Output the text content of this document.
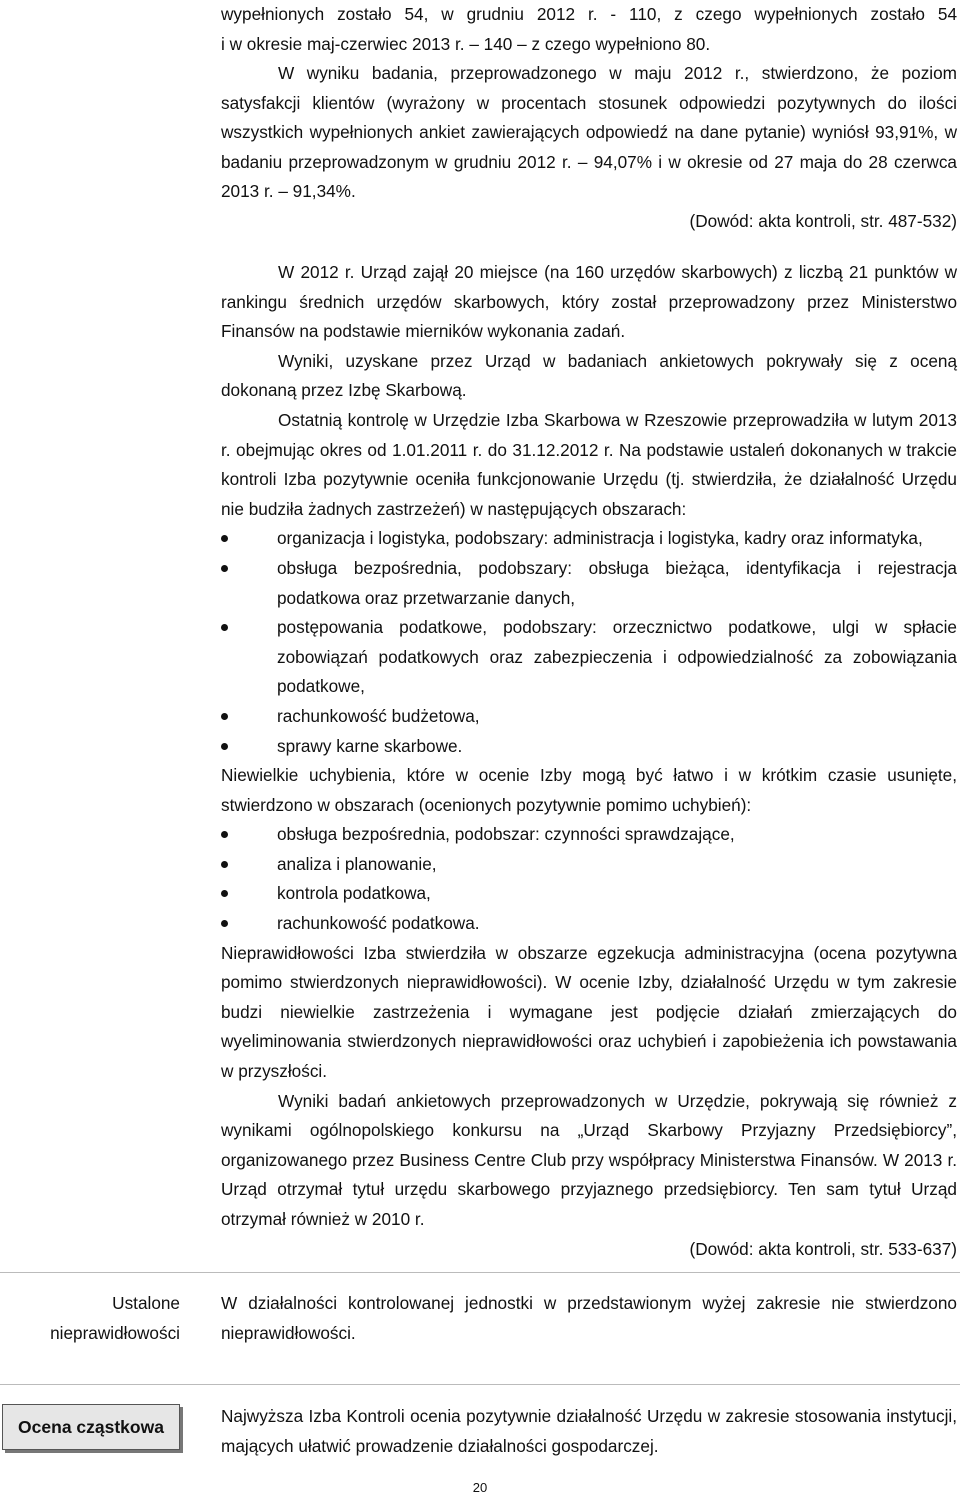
wypełnionych zostało 54, w grudniu 2012 r. - 110, z czego wypełnionych zostało 54

i w okresie maj-czerwiec 2013 r. – 140 – z czego wypełniono 80.

W wyniku badania, przeprowadzonego w maju 2012 r., stwierdzono, że poziom satysfakcji klientów (wyrażony w procentach stosunek odpowiedzi pozytywnych do ilości wszystkich wypełnionych ankiet zawierających odpowiedź na dane pytanie) wyniósł 93,91%, w badaniu przeprowadzonym w grudniu 2012 r. – 94,07% i w okresie od 27 maja do 28 czerwca 2013 r. – 91,34%.

(Dowód: akta kontroli, str. 487-532)

W 2012 r. Urząd zajął 20 miejsce (na 160 urzędów skarbowych) z liczbą 21 punktów w rankingu średnich urzędów skarbowych, który został przeprowadzony przez Ministerstwo Finansów na podstawie mierników wykonania zadań.

Wyniki, uzyskane przez Urząd w badaniach ankietowych pokrywały się z oceną dokonaną przez Izbę Skarbową.

Ostatnią kontrolę w Urzędzie Izba Skarbowa w Rzeszowie przeprowadziła w lutym 2013 r. obejmując okres od 1.01.2011 r. do 31.12.2012 r. Na podstawie ustaleń dokonanych w trakcie kontroli Izba pozytywnie oceniła funkcjonowanie Urzędu (tj. stwierdziła, że działalność Urzędu nie budziła żadnych zastrzeżeń) w następujących obszarach:

organizacja i logistyka, podobszary: administracja i logistyka, kadry oraz informatyka,

obsługa bezpośrednia, podobszary: obsługa bieżąca, identyfikacja i rejestracja podatkowa oraz przetwarzanie danych,

postępowania podatkowe, podobszary: orzecznictwo podatkowe, ulgi w spłacie zobowiązań podatkowych oraz zabezpieczenia i odpowiedzialność za zobowiązania podatkowe,

rachunkowość budżetowa,

sprawy karne skarbowe.

Niewielkie uchybienia, które w ocenie Izby mogą być łatwo i w krótkim czasie usunięte, stwierdzono w obszarach (ocenionych pozytywnie pomimo uchybień):

obsługa bezpośrednia, podobszar: czynności sprawdzające,

analiza i planowanie,

kontrola podatkowa,

rachunkowość podatkowa.

Nieprawidłowości Izba stwierdziła w obszarze egzekucja administracyjna (ocena pozytywna pomimo stwierdzonych nieprawidłowości). W ocenie Izby, działalność Urzędu w tym zakresie budzi niewielkie zastrzeżenia i wymagane jest podjęcie działań zmierzających do wyeliminowania stwierdzonych nieprawidłowości oraz uchybień i zapobieżenia ich powstawania w przyszłości.

Wyniki badań ankietowych przeprowadzonych w Urzędzie, pokrywają się również z wynikami ogólnopolskiego konkursu na „Urząd Skarbowy Przyjazny Przedsiębiorcy”, organizowanego przez Business Centre Club przy współpracy Ministerstwa Finansów. W 2013 r. Urząd otrzymał tytuł urzędu skarbowego przyjaznego przedsiębiorcy. Ten sam tytuł Urząd otrzymał również w 2010 r.

(Dowód: akta kontroli, str. 533-637)

Ustalone
nieprawidłowości

W działalności kontrolowanej jednostki w przedstawionym wyżej zakresie nie stwierdzono nieprawidłowości.

Ocena cząstkowa

Najwyższa Izba Kontroli ocenia pozytywnie działalność Urzędu w zakresie stosowania instytucji, mających ułatwić prowadzenie działalności gospodarczej.

20
